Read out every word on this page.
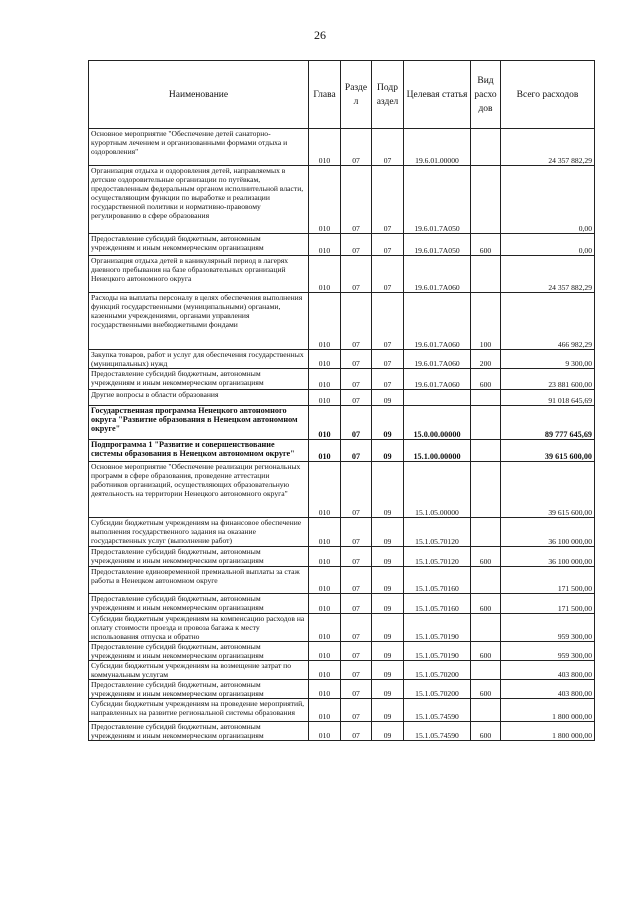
26
Наименование	Глава	Разде л	Подр аздел	Целевая статья	Вид расхо дов	Всего расходов
Основное мероприятие "Обеспечение детей санаторно-курортным лечением и организованными формами отдыха и оздоровления"	010	07	07	19.6.01.00000		24 357 882,29
Организация отдыха и оздоровления детей, направляемых в детские оздоровительные организации по путёвкам, предоставленным федеральным органом исполнительной власти, осуществляющим функции по выработке и реализации государственной политики и нормативно-правовому регулированию в сфере образования	010	07	07	19.6.01.7А050		0,00
Предоставление субсидий бюджетным, автономным учреждениям и иным некоммерческим организациям	010	07	07	19.6.01.7А050	600	0,00
Организация отдыха детей в каникулярный период в лагерях дневного пребывания на базе образовательных организаций Ненецкого автономного округа	010	07	07	19.6.01.7А060		24 357 882,29
Расходы на выплаты персоналу в целях обеспечения выполнения функций государственными (муниципальными) органами, казенными учреждениями, органами управления государственными внебюджетными фондами	010	07	07	19.6.01.7А060	100	466 982,29
Закупка товаров, работ и услуг для обеспечения государственных (муниципальных) нужд	010	07	07	19.6.01.7А060	200	9 300,00
Предоставление субсидий бюджетным, автономным учреждениям и иным некоммерческим организациям	010	07	07	19.6.01.7А060	600	23 881 600,00
Другие вопросы в области образования	010	07	09			91 018 645,69
Государственная программа Ненецкого автономного округа "Развитие образования в Ненецком автономном округе"	010	07	09	15.0.00.00000		89 777 645,69
Подпрограмма 1 "Развитие и совершенствование системы образования в Ненецком автономном округе"	010	07	09	15.1.00.00000		39 615 600,00
Основное мероприятие "Обеспечение реализации региональных программ в сфере образования, проведение аттестации работников организаций, осуществляющих образовательную деятельность на территории Ненецкого автономного округа"	010	07	09	15.1.05.00000		39 615 600,00
Субсидии бюджетным учреждениям на финансовое обеспечение выполнения государственного задания на оказание государственных услуг (выполнение работ)	010	07	09	15.1.05.70120		36 100 000,00
Предоставление субсидий бюджетным, автономным учреждениям и иным некоммерческим организациям	010	07	09	15.1.05.70120	600	36 100 000,00
Предоставление единовременной премиальной выплаты за стаж работы в Ненецком автономном округе	010	07	09	15.1.05.70160		171 500,00
Предоставление субсидий бюджетным, автономным учреждениям и иным некоммерческим организациям	010	07	09	15.1.05.70160	600	171 500,00
Субсидии бюджетным учреждениям на компенсацию расходов на оплату стоимости проезда и провоза багажа к месту использования отпуска и обратно	010	07	09	15.1.05.70190		959 300,00
Предоставление субсидий бюджетным, автономным учреждениям и иным некоммерческим организациям	010	07	09	15.1.05.70190	600	959 300,00
Субсидии бюджетным учреждениям на возмещение затрат по коммунальным услугам	010	07	09	15.1.05.70200		403 800,00
Предоставление субсидий бюджетным, автономным учреждениям и иным некоммерческим организациям	010	07	09	15.1.05.70200	600	403 800,00
Субсидии бюджетным учреждениям на проведение мероприятий, направленных на развитие региональной системы образования	010	07	09	15.1.05.74590		1 800 000,00
Предоставление субсидий бюджетным, автономным учреждениям и иным некоммерческим организациям	010	07	09	15.1.05.74590	600	1 800 000,00
